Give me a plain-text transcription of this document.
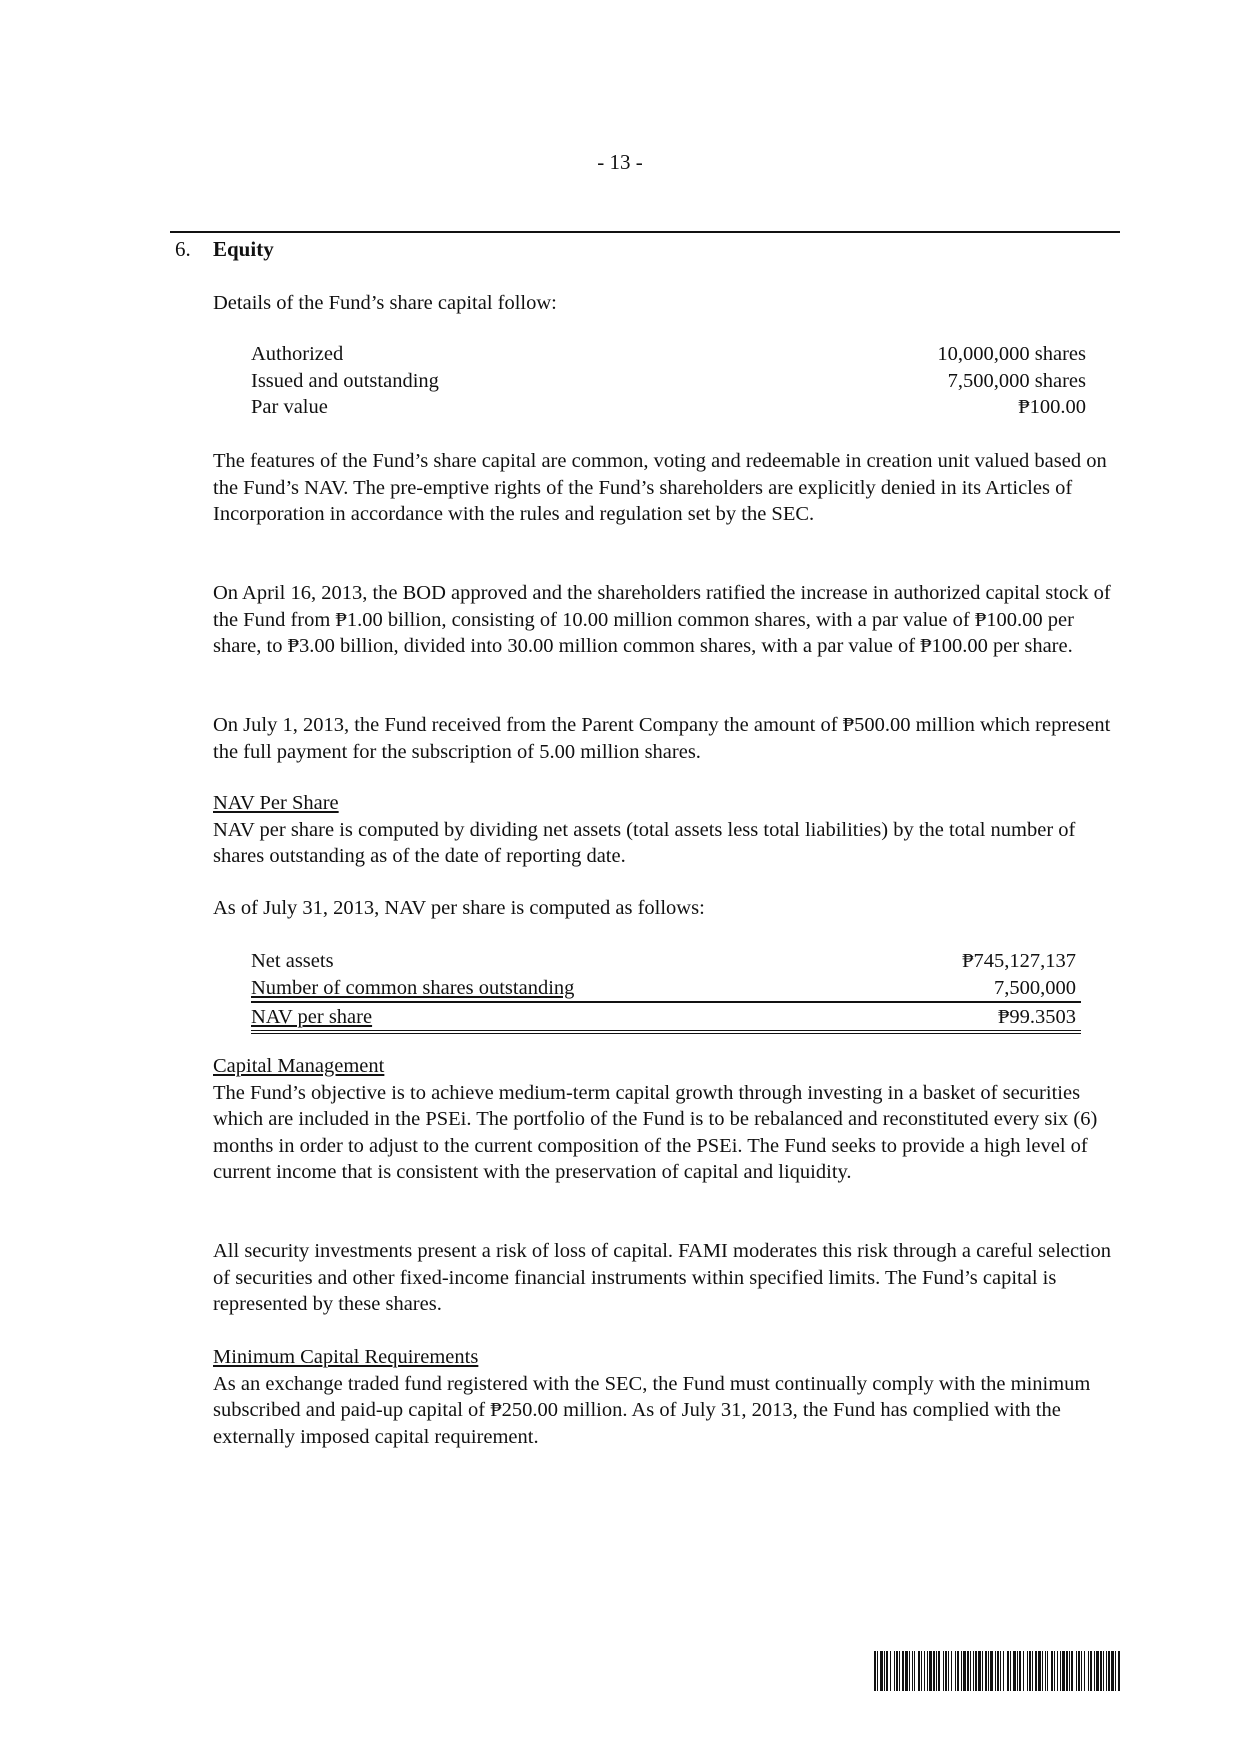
- 13 -
6. Equity

Details of the Fund’s share capital follow:

Authorized	10,000,000 shares
Issued and outstanding	7,500,000 shares
Par value	₱100.00

The features of the Fund’s share capital are common, voting and redeemable in creation unit valued based on the Fund’s NAV. The pre-emptive rights of the Fund’s shareholders are explicitly denied in its Articles of Incorporation in accordance with the rules and regulation set by the SEC.

On April 16, 2013, the BOD approved and the shareholders ratified the increase in authorized capital stock of the Fund from ₱1.00 billion, consisting of 10.00 million common shares, with a par value of ₱100.00 per share, to ₱3.00 billion, divided into 30.00 million common shares, with a par value of ₱100.00 per share.

On July 1, 2013, the Fund received from the Parent Company the amount of ₱500.00 million which represent the full payment for the subscription of 5.00 million shares.

NAV Per Share
NAV per share is computed by dividing net assets (total assets less total liabilities) by the total number of shares outstanding as of the date of reporting date.

As of July 31, 2013, NAV per share is computed as follows:

Net assets	₱745,127,137
Number of common shares outstanding	7,500,000
NAV per share	₱99.3503
Capital Management
The Fund’s objective is to achieve medium-term capital growth through investing in a basket of securities which are included in the PSEi. The portfolio of the Fund is to be rebalanced and reconstituted every six (6) months in order to adjust to the current composition of the PSEi. The Fund seeks to provide a high level of current income that is consistent with the preservation of capital and liquidity.

All security investments present a risk of loss of capital. FAMI moderates this risk through a careful selection of securities and other fixed-income financial instruments within specified limits. The Fund’s capital is represented by these shares.

Minimum Capital Requirements
As an exchange traded fund registered with the SEC, the Fund must continually comply with the minimum subscribed and paid-up capital of ₱250.00 million. As of July 31, 2013, the Fund has complied with the externally imposed capital requirement.
